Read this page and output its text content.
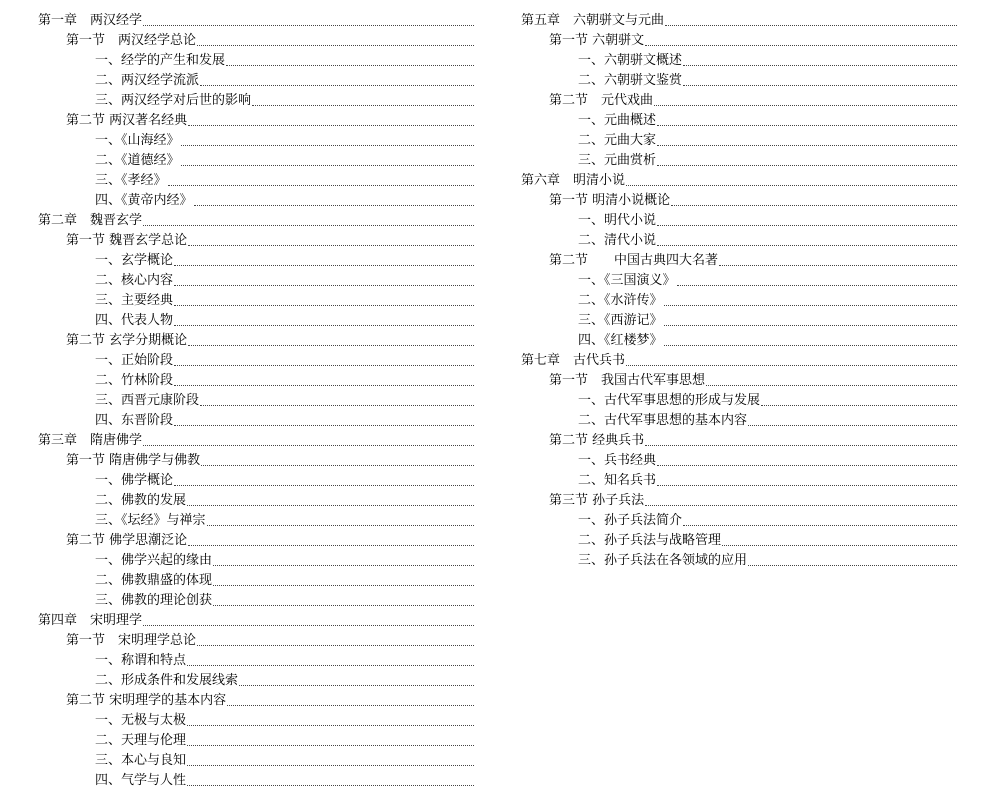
第一章　两汉经学
第一节　两汉经学总论
一、经学的产生和发展
二、两汉经学流派
三、两汉经学对后世的影响
第二节 两汉著名经典
一、《山海经》
二、《道德经》
三、《孝经》
四、《黄帝内经》
第二章　魏晋玄学
第一节 魏晋玄学总论
一、玄学概论
二、核心内容
三、主要经典
四、代表人物
第二节 玄学分期概论
一、正始阶段
二、竹林阶段
三、西晋元康阶段
四、东晋阶段
第三章　隋唐佛学
第一节 隋唐佛学与佛教
一、佛学概论
二、佛教的发展
三、《坛经》与禅宗
第二节 佛学思潮泛论
一、佛学兴起的缘由
二、佛教鼎盛的体现
三、佛教的理论创获
第四章　宋明理学
第一节　宋明理学总论
一、称谓和特点
二、形成条件和发展线索
第二节 宋明理学的基本内容
一、无极与太极
二、天理与伦理
三、本心与良知
四、气学与人性
第五章　六朝骈文与元曲
第一节 六朝骈文
一、六朝骈文概述
二、六朝骈文鉴赏
第二节　元代戏曲
一、元曲概述
二、元曲大家
三、元曲赏析
第六章　明清小说
第一节 明清小说概论
一、明代小说
二、清代小说
第二节　　中国古典四大名著
一、《三国演义》
二、《水浒传》
三、《西游记》
四、《红楼梦》
第七章　古代兵书
第一节　我国古代军事思想
一、古代军事思想的形成与发展
二、古代军事思想的基本内容
第二节 经典兵书
一、兵书经典
二、知名兵书
第三节 孙子兵法
一、孙子兵法简介
二、孙子兵法与战略管理
三、孙子兵法在各领域的应用
